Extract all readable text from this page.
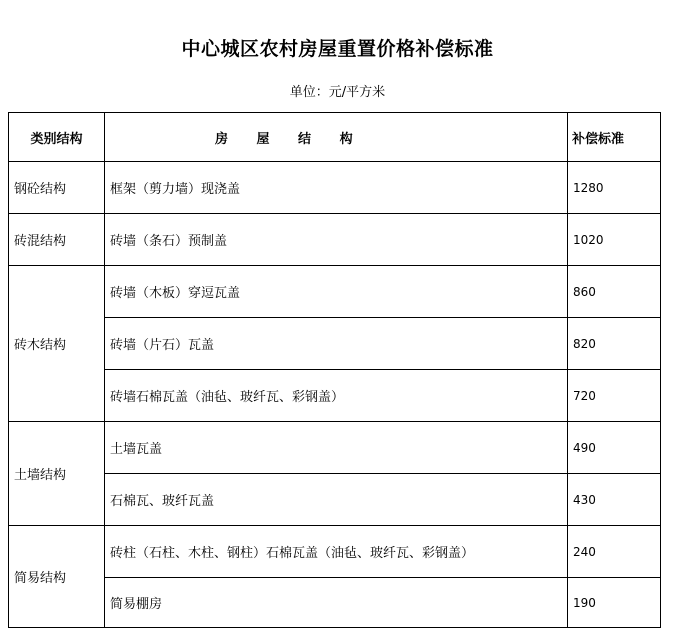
中心城区农村房屋重置价格补偿标准
单位：元/平方米
类别结构	房 屋 结 构	补偿标准
钢砼结构	框架（剪力墙）现浇盖	1280
砖混结构	砖墙（条石）预制盖	1020
砖木结构	砖墙（木板）穿逗瓦盖	860
	砖墙（片石）瓦盖	820
	砖墙石棉瓦盖（油毡、玻纤瓦、彩钢盖）	720
土墙结构	土墙瓦盖	490
	石棉瓦、玻纤瓦盖	430
简易结构	砖柱（石柱、木柱、钢柱）石棉瓦盖（油毡、玻纤瓦、彩钢盖）	240
	简易棚房	190
